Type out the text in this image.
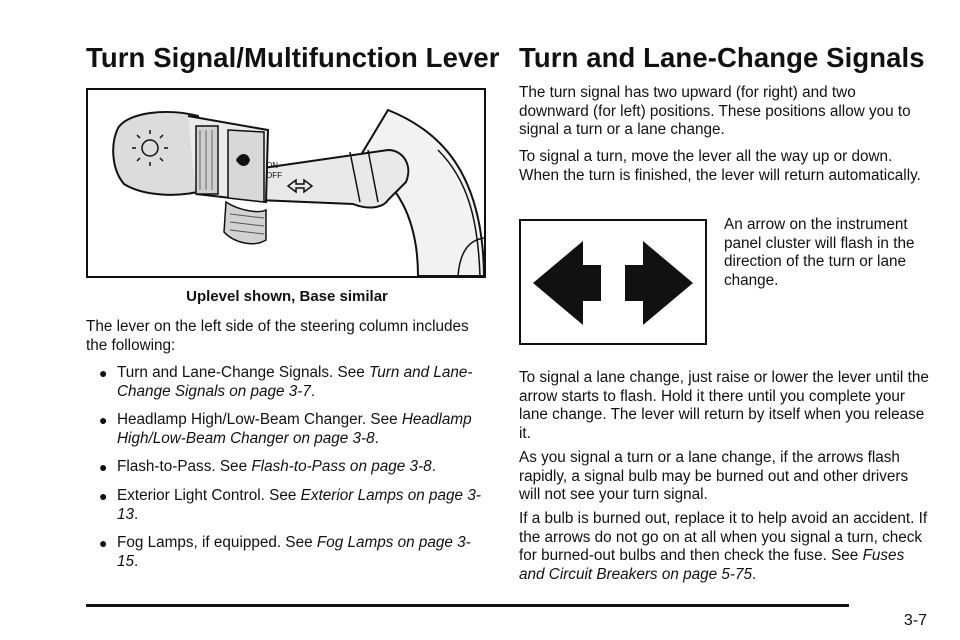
Turn Signal/Multifunction Lever
ON
OFF
Uplevel shown, Base similar

The lever on the left side of the steering column includes the following:

● Turn and Lane-Change Signals. See Turn and Lane-Change Signals on page 3-7.
● Headlamp High/Low-Beam Changer. See Headlamp High/Low-Beam Changer on page 3-8.
● Flash-to-Pass. See Flash-to-Pass on page 3-8.
● Exterior Light Control. See Exterior Lamps on page 3-13.
● Fog Lamps, if equipped. See Fog Lamps on page 3-15.
Turn and Lane-Change Signals

The turn signal has two upward (for right) and two downward (for left) positions. These positions allow you to signal a turn or a lane change.

To signal a turn, move the lever all the way up or down. When the turn is finished, the lever will return automatically.

An arrow on the instrument panel cluster will flash in the direction of the turn or lane change.

To signal a lane change, just raise or lower the lever until the arrow starts to flash. Hold it there until you complete your lane change. The lever will return by itself when you release it.

As you signal a turn or a lane change, if the arrows flash rapidly, a signal bulb may be burned out and other drivers will not see your turn signal.

If a bulb is burned out, replace it to help avoid an accident. If the arrows do not go on at all when you signal a turn, check for burned-out bulbs and then check the fuse. See Fuses and Circuit Breakers on page 5-75.

3-7
